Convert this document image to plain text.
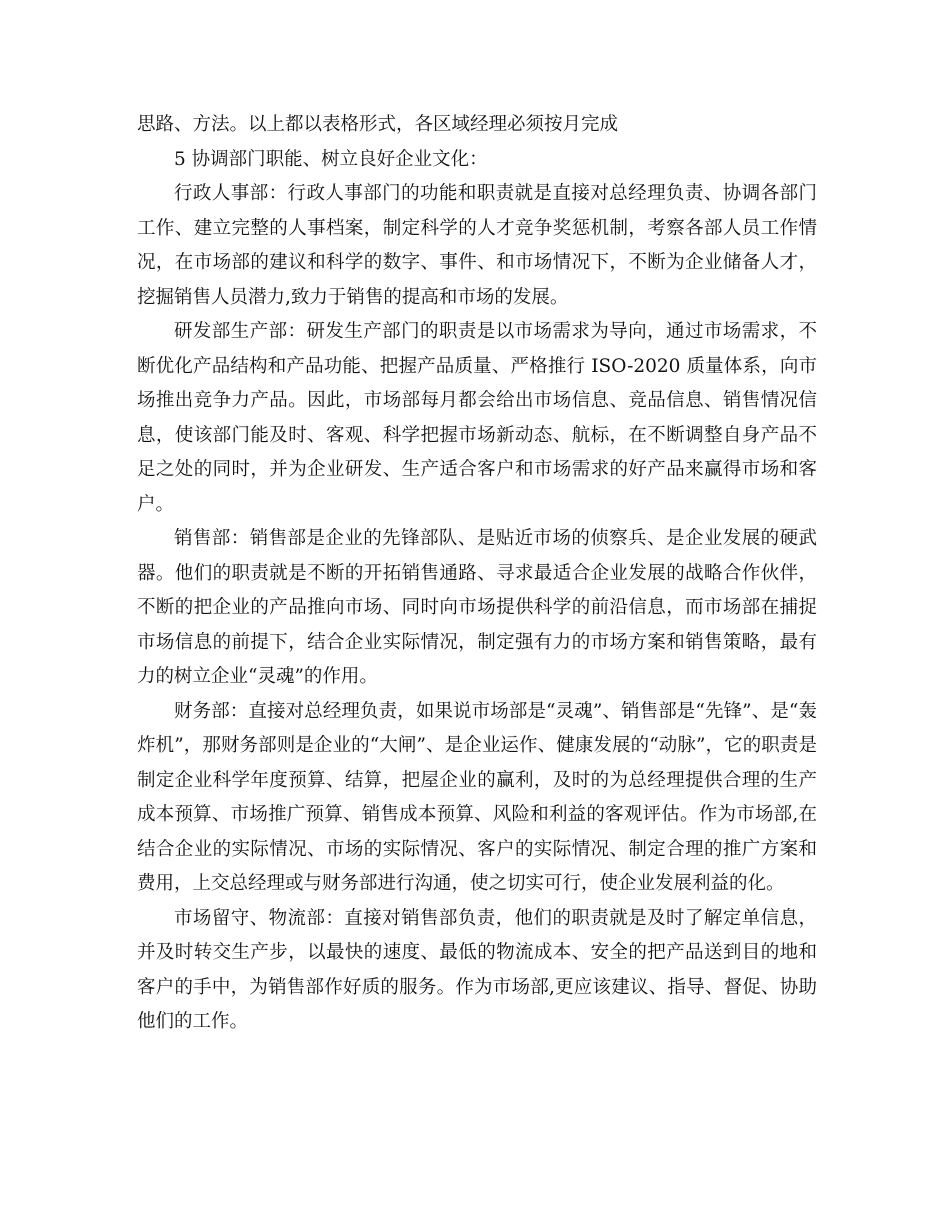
思路、方法。以上都以表格形式，各区域经理必须按月完成

5 协调部门职能、树立良好企业文化：

行政人事部：行政人事部门的功能和职责就是直接对总经理负责、协调各部门工作、建立完整的人事档案，制定科学的人才竞争奖惩机制，考察各部人员工作情况，在市场部的建议和科学的数字、事件、和市场情况下，不断为企业储备人才，挖掘销售人员潜力,致力于销售的提高和市场的发展。

研发部生产部：研发生产部门的职责是以市场需求为导向，通过市场需求，不断优化产品结构和产品功能、把握产品质量、严格推行 ISO-2020 质量体系，向市场推出竞争力产品。因此，市场部每月都会给出市场信息、竞品信息、销售情况信息，使该部门能及时、客观、科学把握市场新动态、航标，在不断调整自身产品不足之处的同时，并为企业研发、生产适合客户和市场需求的好产品来赢得市场和客户。

销售部：销售部是企业的先锋部队、是贴近市场的侦察兵、是企业发展的硬武器。他们的职责就是不断的开拓销售通路、寻求最适合企业发展的战略合作伙伴，不断的把企业的产品推向市场、同时向市场提供科学的前沿信息，而市场部在捕捉市场信息的前提下，结合企业实际情况，制定强有力的市场方案和销售策略，最有力的树立企业“灵魂”的作用。

财务部：直接对总经理负责，如果说市场部是“灵魂”、销售部是“先锋”、是“轰炸机”，那财务部则是企业的“大闸”、是企业运作、健康发展的“动脉”，它的职责是制定企业科学年度预算、结算，把屋企业的赢利，及时的为总经理提供合理的生产成本预算、市场推广预算、销售成本预算、风险和利益的客观评估。作为市场部,在结合企业的实际情况、市场的实际情况、客户的实际情况、制定合理的推广方案和费用，上交总经理或与财务部进行沟通，使之切实可行，使企业发展利益的化。

市场留守、物流部：直接对销售部负责，他们的职责就是及时了解定单信息，并及时转交生产步，以最快的速度、最低的物流成本、安全的把产品送到目的地和客户的手中，为销售部作好质的服务。作为市场部,更应该建议、指导、督促、协助他们的工作。
